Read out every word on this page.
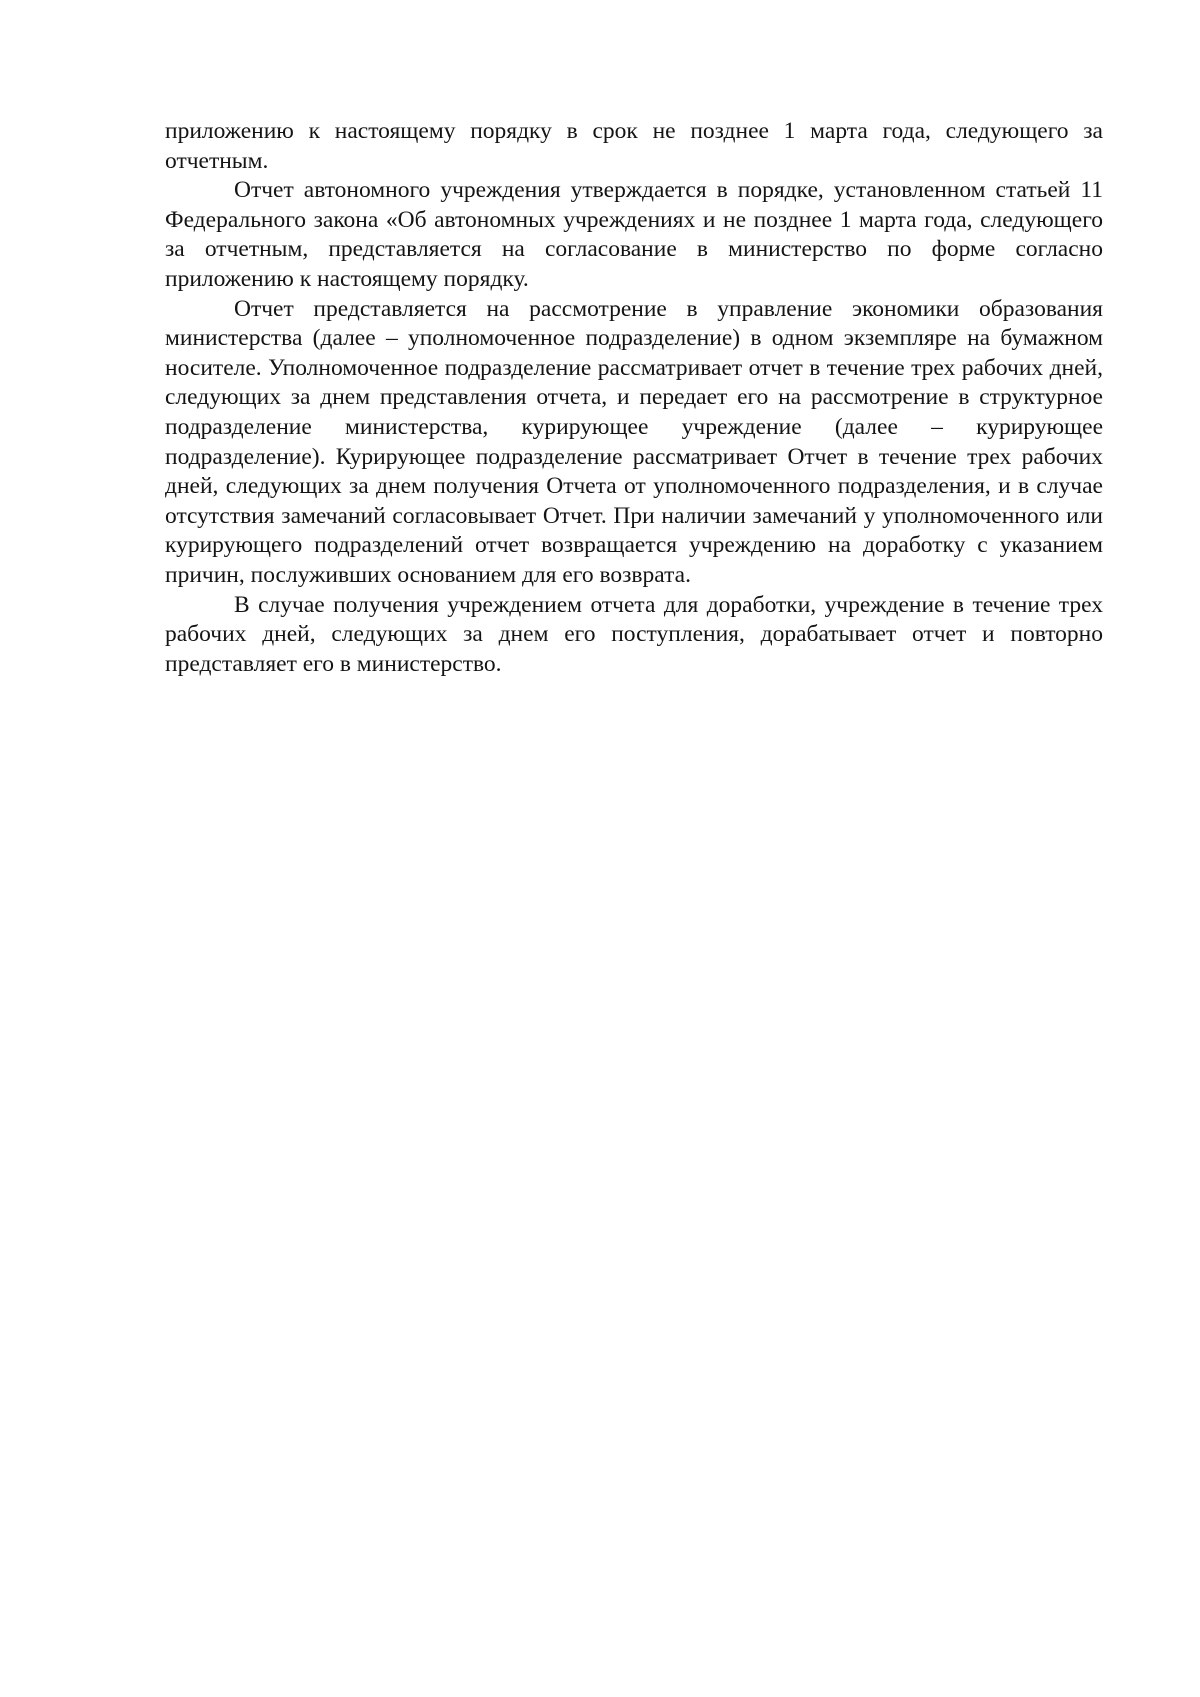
приложению к настоящему порядку в срок не позднее 1 марта года, следующего за отчетным.

Отчет автономного учреждения утверждается в порядке, установленном статьей 11 Федерального закона «Об автономных учреждениях и не позднее 1 марта года, следующего за отчетным, представляется на согласование в министерство по форме согласно приложению к настоящему порядку.

Отчет представляется на рассмотрение в управление экономики образования министерства (далее – уполномоченное подразделение) в одном экземпляре на бумажном носителе. Уполномоченное подразделение рассматривает отчет в течение трех рабочих дней, следующих за днем представления отчета, и передает его на рассмотрение в структурное подразделение министерства, курирующее учреждение (далее – курирующее подразделение). Курирующее подразделение рассматривает Отчет в течение трех рабочих дней, следующих за днем получения Отчета от уполномоченного подразделения, и в случае отсутствия замечаний согласовывает Отчет. При наличии замечаний у уполномоченного или курирующего подразделений отчет возвращается учреждению на доработку с указанием причин, послуживших основанием для его возврата.

В случае получения учреждением отчета для доработки, учреждение в течение трех рабочих дней, следующих за днем его поступления, дорабатывает отчет и повторно представляет его в министерство.
